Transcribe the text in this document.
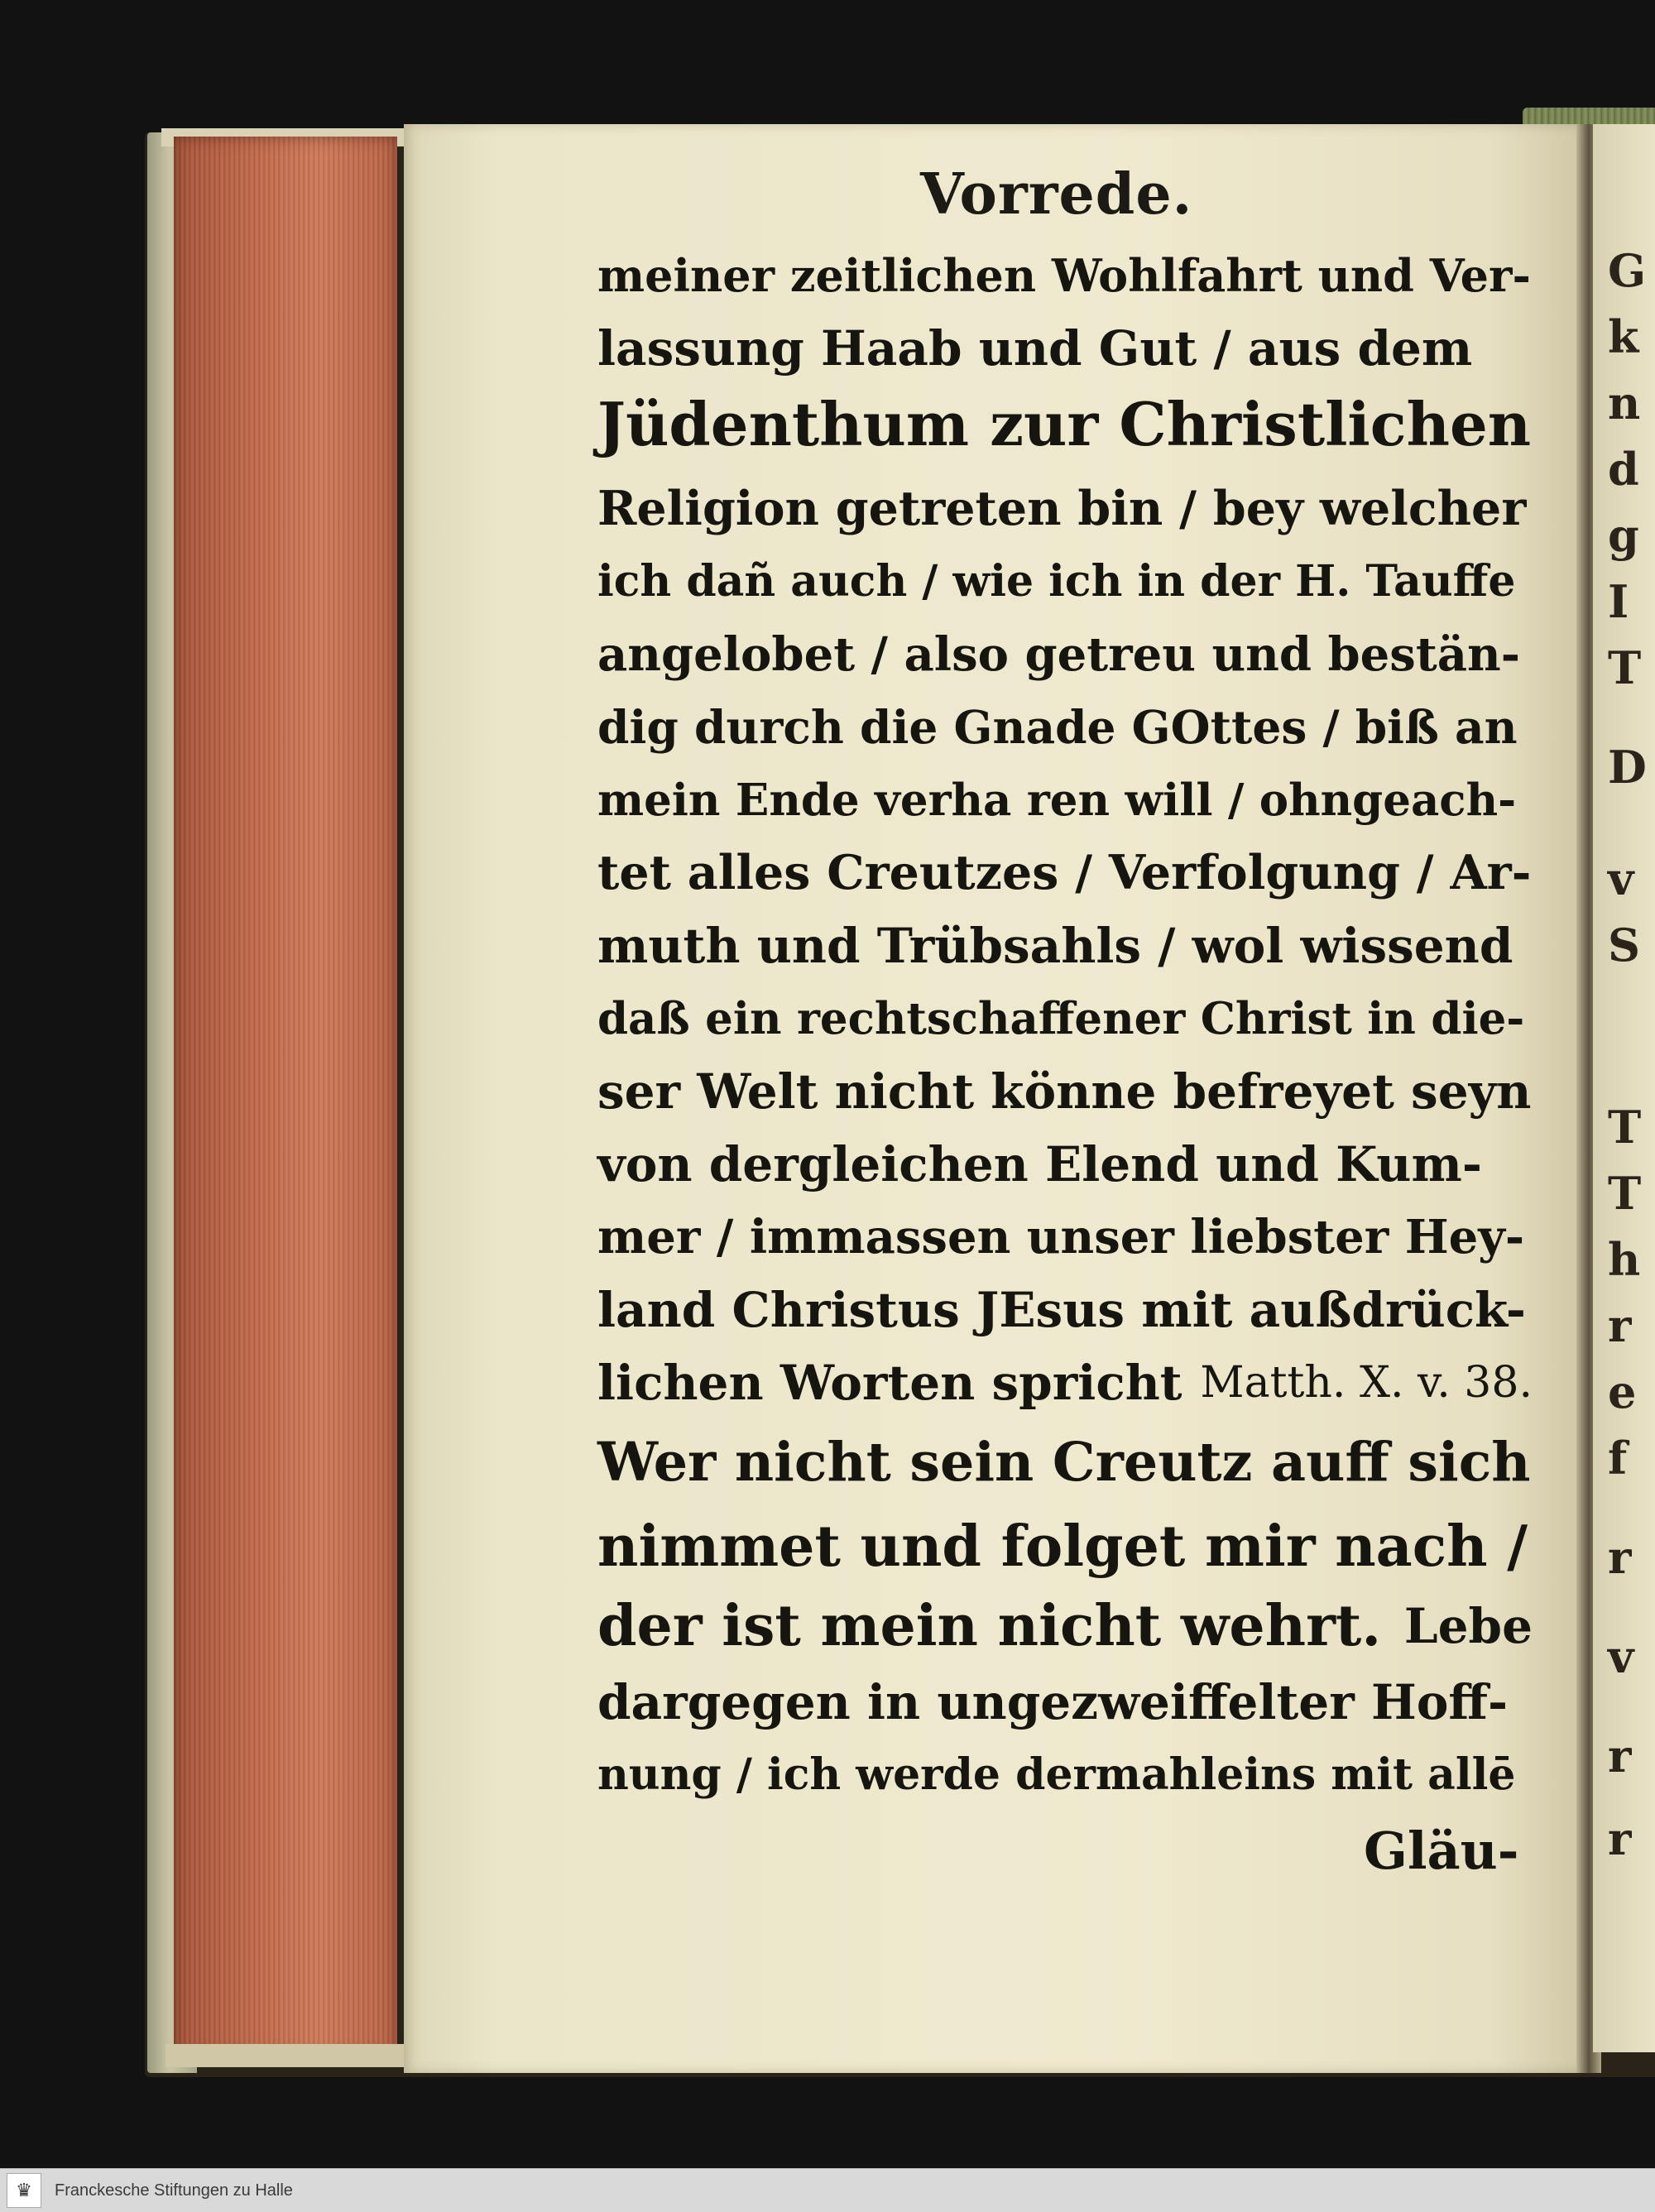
G
k
n
d
g
I
T
D
v
S
T
T
h
r
e
f
r
v
r
r
Vorrede.
meiner zeitlichen Wohlfahrt und Ver-
lassung Haab und Gut / aus dem
Jüdenthum zur Christlichen
Religion getreten bin / bey welcher
ich dañ auch / wie ich in der H. Tauffe
angelobet / also getreu und bestän-
dig durch die Gnade GOttes / biß an
mein Ende verha ren will / ohngeach-
tet alles Creutzes / Verfolgung / Ar-
muth und Trübsahls / wol wissend
daß ein rechtschaffener Christ in die-
ser Welt nicht könne befreyet seyn
von dergleichen Elend und Kum-
mer / immassen unser liebster Hey-
land Christus JEsus mit außdrück-
lichen Worten spricht Matth. X. v. 38.
Wer nicht sein Creutz auff sich
nimmet und folget mir nach /
der ist mein nicht wehrt. Lebe
dargegen in ungezweiffelter Hoff-
nung / ich werde dermahleins mit allē
Gläu-
♛	Franckesche Stiftungen zu Halle
